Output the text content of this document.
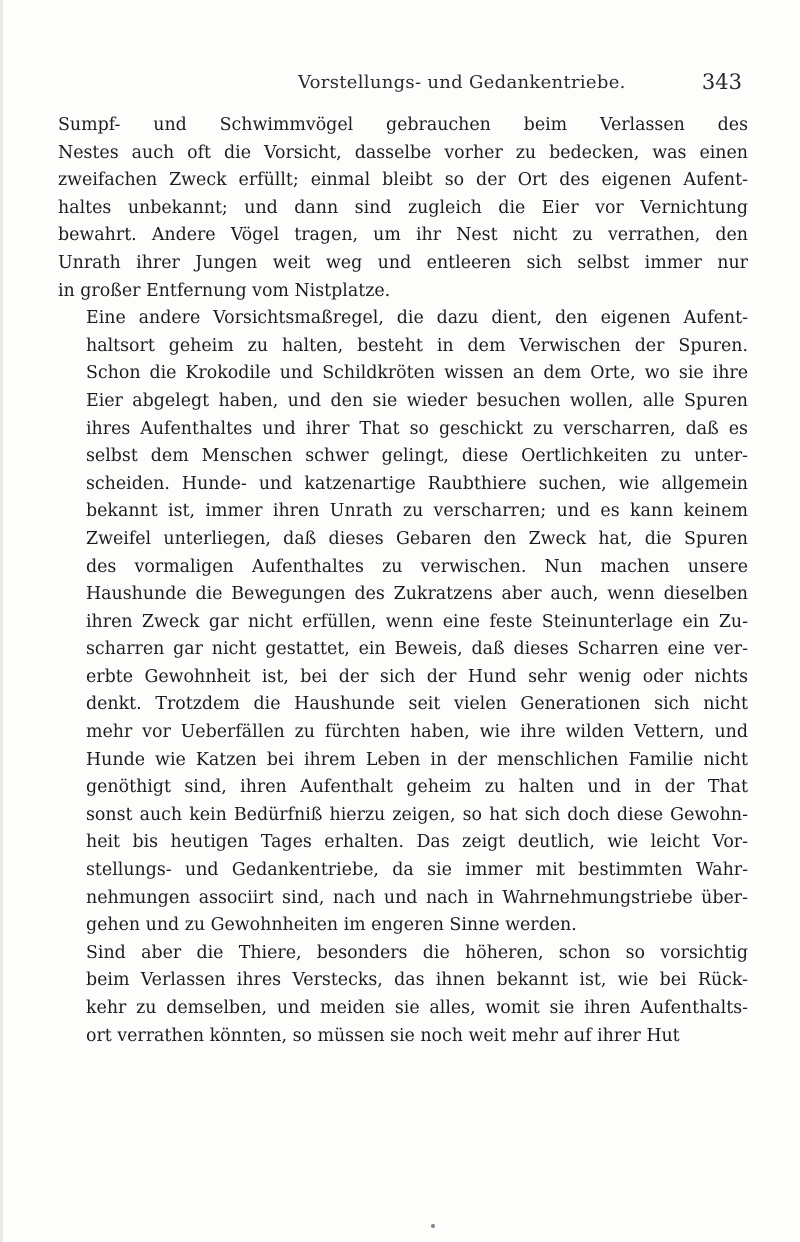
Vorstellungs- und Gedankentriebe.	343
Sumpf- und Schwimmvögel gebrauchen beim Verlassen des
Nestes auch oft die Vorsicht, dasselbe vorher zu bedecken, was einen
zweifachen Zweck erfüllt; einmal bleibt so der Ort des eigenen Aufent-
haltes unbekannt; und dann sind zugleich die Eier vor Vernichtung
bewahrt. Andere Vögel tragen, um ihr Nest nicht zu verrathen, den
Unrath ihrer Jungen weit weg und entleeren sich selbst immer nur
in großer Entfernung vom Nistplatze.
Eine andere Vorsichtsmaßregel, die dazu dient, den eigenen Aufent-
haltsort geheim zu halten, besteht in dem Verwischen der Spuren.
Schon die Krokodile und Schildkröten wissen an dem Orte, wo sie ihre
Eier abgelegt haben, und den sie wieder besuchen wollen, alle Spuren
ihres Aufenthaltes und ihrer That so geschickt zu verscharren, daß es
selbst dem Menschen schwer gelingt, diese Oertlichkeiten zu unter-
scheiden. Hunde- und katzenartige Raubthiere suchen, wie allgemein
bekannt ist, immer ihren Unrath zu verscharren; und es kann keinem
Zweifel unterliegen, daß dieses Gebaren den Zweck hat, die Spuren
des vormaligen Aufenthaltes zu verwischen. Nun machen unsere
Haushunde die Bewegungen des Zukratzens aber auch, wenn dieselben
ihren Zweck gar nicht erfüllen, wenn eine feste Steinunterlage ein Zu-
scharren gar nicht gestattet, ein Beweis, daß dieses Scharren eine ver-
erbte Gewohnheit ist, bei der sich der Hund sehr wenig oder nichts
denkt. Trotzdem die Haushunde seit vielen Generationen sich nicht
mehr vor Ueberfällen zu fürchten haben, wie ihre wilden Vettern, und
Hunde wie Katzen bei ihrem Leben in der menschlichen Familie nicht
genöthigt sind, ihren Aufenthalt geheim zu halten und in der That
sonst auch kein Bedürfniß hierzu zeigen, so hat sich doch diese Gewohn-
heit bis heutigen Tages erhalten. Das zeigt deutlich, wie leicht Vor-
stellungs- und Gedankentriebe, da sie immer mit bestimmten Wahr-
nehmungen associirt sind, nach und nach in Wahrnehmungstriebe über-
gehen und zu Gewohnheiten im engeren Sinne werden.
Sind aber die Thiere, besonders die höheren, schon so vorsichtig
beim Verlassen ihres Verstecks, das ihnen bekannt ist, wie bei Rück-
kehr zu demselben, und meiden sie alles, womit sie ihren Aufenthalts-
ort verrathen könnten, so müssen sie noch weit mehr auf ihrer Hut
